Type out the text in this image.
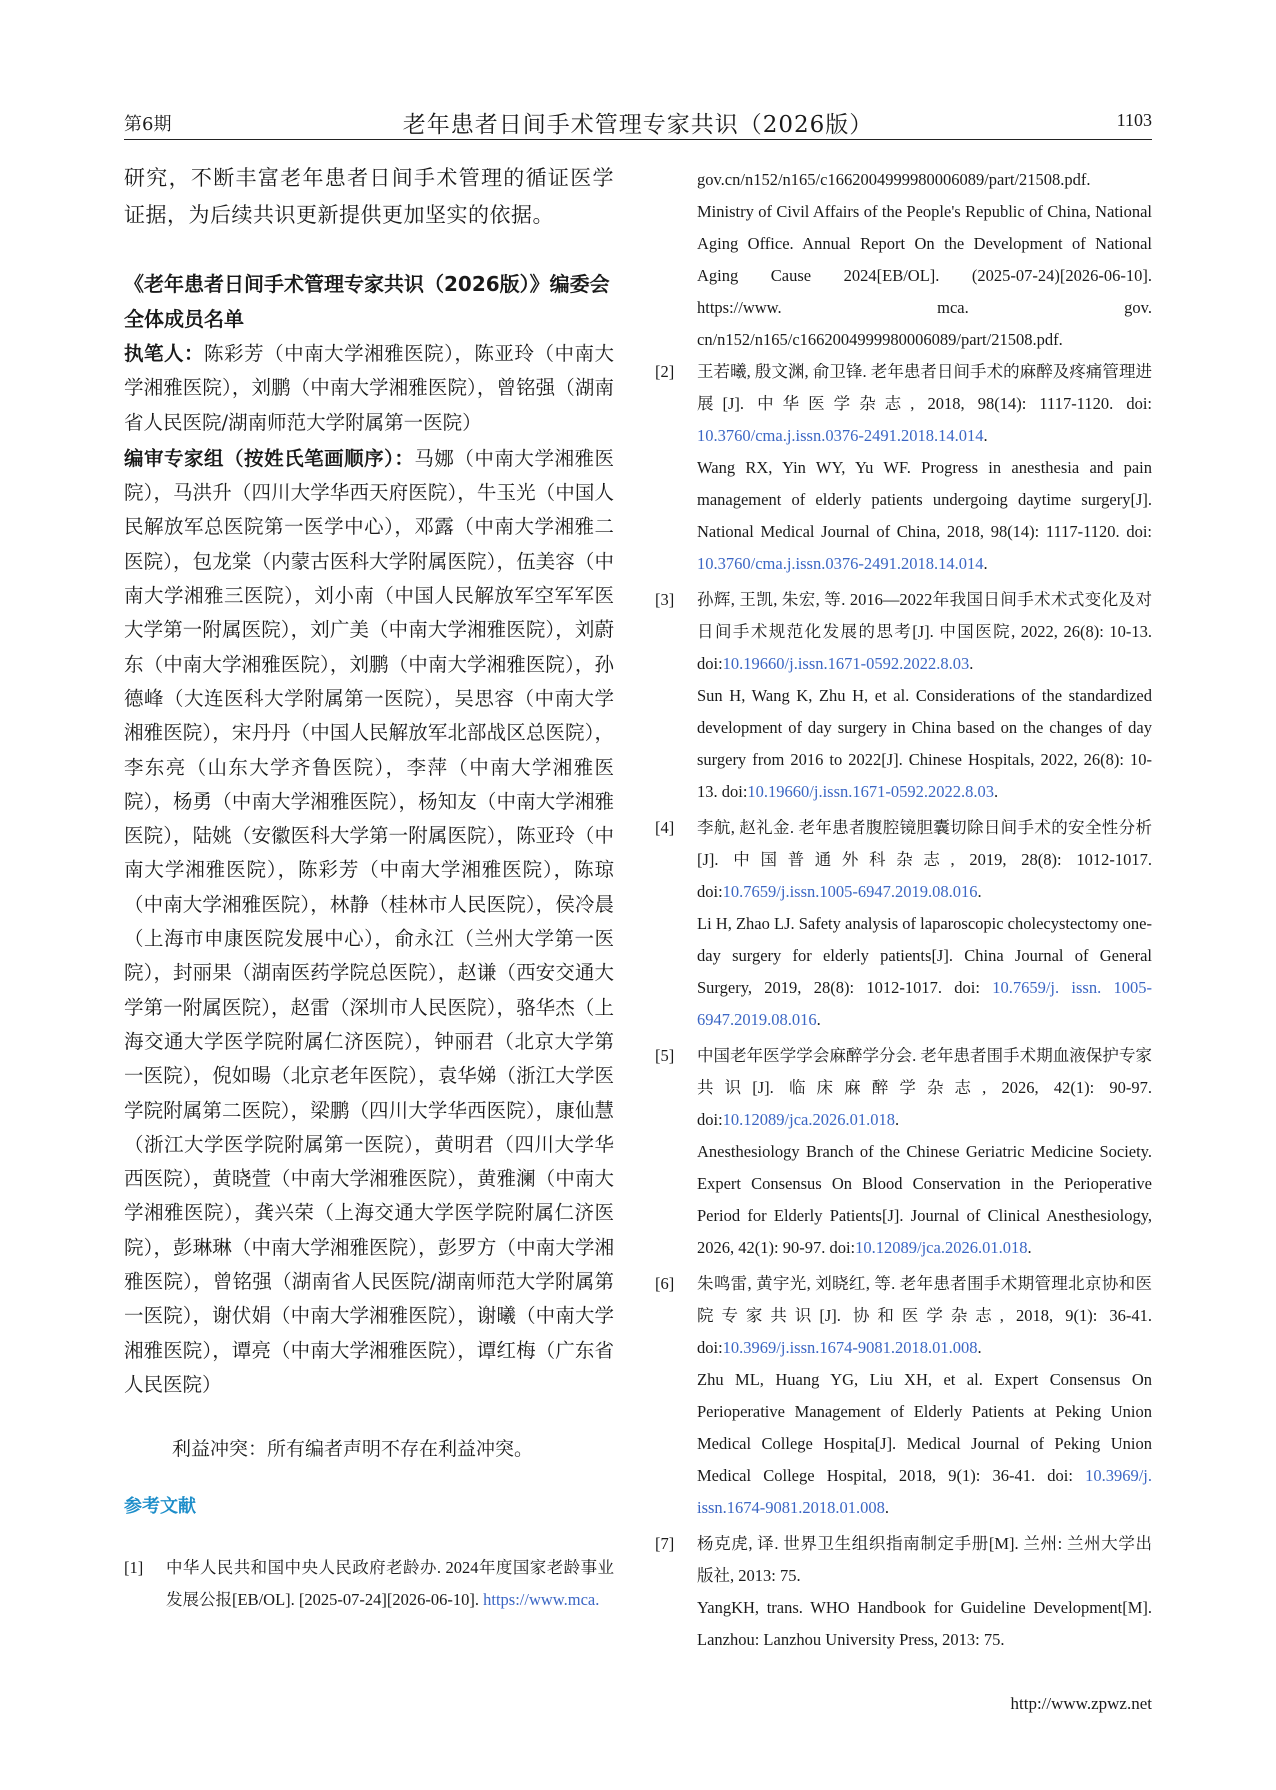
第6期	老年患者日间手术管理专家共识（2026版）	1103

研究，不断丰富老年患者日间手术管理的循证医学证据，为后续共识更新提供更加坚实的依据。

《老年患者日间手术管理专家共识（2026版）》编委会全体成员名单

执笔人：陈彩芳（中南大学湘雅医院），陈亚玲（中南大学湘雅医院），刘鹏（中南大学湘雅医院），曾铭强（湖南省人民医院/湖南师范大学附属第一医院）

编审专家组（按姓氏笔画顺序）：马娜（中南大学湘雅医院），马洪升（四川大学华西天府医院），牛玉光（中国人民解放军总医院第一医学中心），邓露（中南大学湘雅二医院），包龙棠（内蒙古医科大学附属医院），伍美容（中南大学湘雅三医院），刘小南（中国人民解放军空军军医大学第一附属医院），刘广美（中南大学湘雅医院），刘蔚东（中南大学湘雅医院），刘鹏（中南大学湘雅医院），孙德峰（大连医科大学附属第一医院），吴思容（中南大学湘雅医院），宋丹丹（中国人民解放军北部战区总医院），李东亮（山东大学齐鲁医院），李萍（中南大学湘雅医院），杨勇（中南大学湘雅医院），杨知友（中南大学湘雅医院），陆姚（安徽医科大学第一附属医院），陈亚玲（中南大学湘雅医院），陈彩芳（中南大学湘雅医院），陈琼（中南大学湘雅医院），林静（桂林市人民医院），侯冷晨（上海市申康医院发展中心），俞永江（兰州大学第一医院），封丽果（湖南医药学院总医院），赵谦（西安交通大学第一附属医院），赵雷（深圳市人民医院），骆华杰（上海交通大学医学院附属仁济医院），钟丽君（北京大学第一医院），倪如暘（北京老年医院），袁华娣（浙江大学医学院附属第二医院），梁鹏（四川大学华西医院），康仙慧（浙江大学医学院附属第一医院），黄明君（四川大学华西医院），黄晓萱（中南大学湘雅医院），黄雅澜（中南大学湘雅医院），龚兴荣（上海交通大学医学院附属仁济医院），彭琳琳（中南大学湘雅医院），彭罗方（中南大学湘雅医院），曾铭强（湖南省人民医院/湖南师范大学附属第一医院），谢伏娟（中南大学湘雅医院），谢曦（中南大学湘雅医院），谭亮（中南大学湘雅医院），谭红梅（广东省人民医院）

利益冲突：所有编者声明不存在利益冲突。

参考文献
[1] 中华人民共和国中央人民政府老龄办. 2024年度国家老龄事业发展公报[EB/OL]. [2025-07-24][2026-06-10]. https://www.mca.
gov.cn/n152/n165/c1662004999980006089/part/21508.pdf.
Ministry of Civil Affairs of the People's Republic of China, National Aging Office. Annual Report On the Development of National Aging Cause 2024[EB/OL]. (2025-07-24)[2026-06-10]. https://www. mca. gov. cn/n152/n165/c1662004999980006089/part/21508.pdf.
[2] 王若曦, 殷文渊, 俞卫锋. 老年患者日间手术的麻醉及疼痛管理进展[J]. 中华医学杂志, 2018, 98(14): 1117-1120. doi: 10.3760/cma.j.issn.0376-2491.2018.14.014.
Wang RX, Yin WY, Yu WF. Progress in anesthesia and pain management of elderly patients undergoing daytime surgery[J]. National Medical Journal of China, 2018, 98(14): 1117-1120. doi: 10.3760/cma.j.issn.0376-2491.2018.14.014.
[3] 孙辉, 王凯, 朱宏, 等. 2016—2022年我国日间手术术式变化及对日间手术规范化发展的思考[J]. 中国医院, 2022, 26(8): 10-13. doi:10.19660/j.issn.1671-0592.2022.8.03.
Sun H, Wang K, Zhu H, et al. Considerations of the standardized development of day surgery in China based on the changes of day surgery from 2016 to 2022[J]. Chinese Hospitals, 2022, 26(8): 10-13. doi:10.19660/j.issn.1671-0592.2022.8.03.
[4] 李航, 赵礼金. 老年患者腹腔镜胆囊切除日间手术的安全性分析[J]. 中国普通外科杂志, 2019, 28(8): 1012-1017. doi:10.7659/j.issn.1005-6947.2019.08.016.
Li H, Zhao LJ. Safety analysis of laparoscopic cholecystectomy one-day surgery for elderly patients[J]. China Journal of General Surgery, 2019, 28(8): 1012-1017. doi: 10.7659/j. issn. 1005-6947.2019.08.016.
[5] 中国老年医学学会麻醉学分会. 老年患者围手术期血液保护专家共识[J]. 临床麻醉学杂志, 2026, 42(1): 90-97. doi:10.12089/jca.2026.01.018.
Anesthesiology Branch of the Chinese Geriatric Medicine Society. Expert Consensus On Blood Conservation in the Perioperative Period for Elderly Patients[J]. Journal of Clinical Anesthesiology, 2026, 42(1): 90-97. doi:10.12089/jca.2026.01.018.
[6] 朱鸣雷, 黄宇光, 刘晓红, 等. 老年患者围手术期管理北京协和医院专家共识[J]. 协和医学杂志, 2018, 9(1): 36-41. doi:10.3969/j.issn.1674-9081.2018.01.008.
Zhu ML, Huang YG, Liu XH, et al. Expert Consensus On Perioperative Management of Elderly Patients at Peking Union Medical College Hospita[J]. Medical Journal of Peking Union Medical College Hospital, 2018, 9(1): 36-41. doi: 10.3969/j. issn.1674-9081.2018.01.008.
[7] 杨克虎, 译. 世界卫生组织指南制定手册[M]. 兰州: 兰州大学出版社, 2013: 75.
YangKH, trans. WHO Handbook for Guideline Development[M]. Lanzhou: Lanzhou University Press, 2013: 75.
http://www.zpwz.net
